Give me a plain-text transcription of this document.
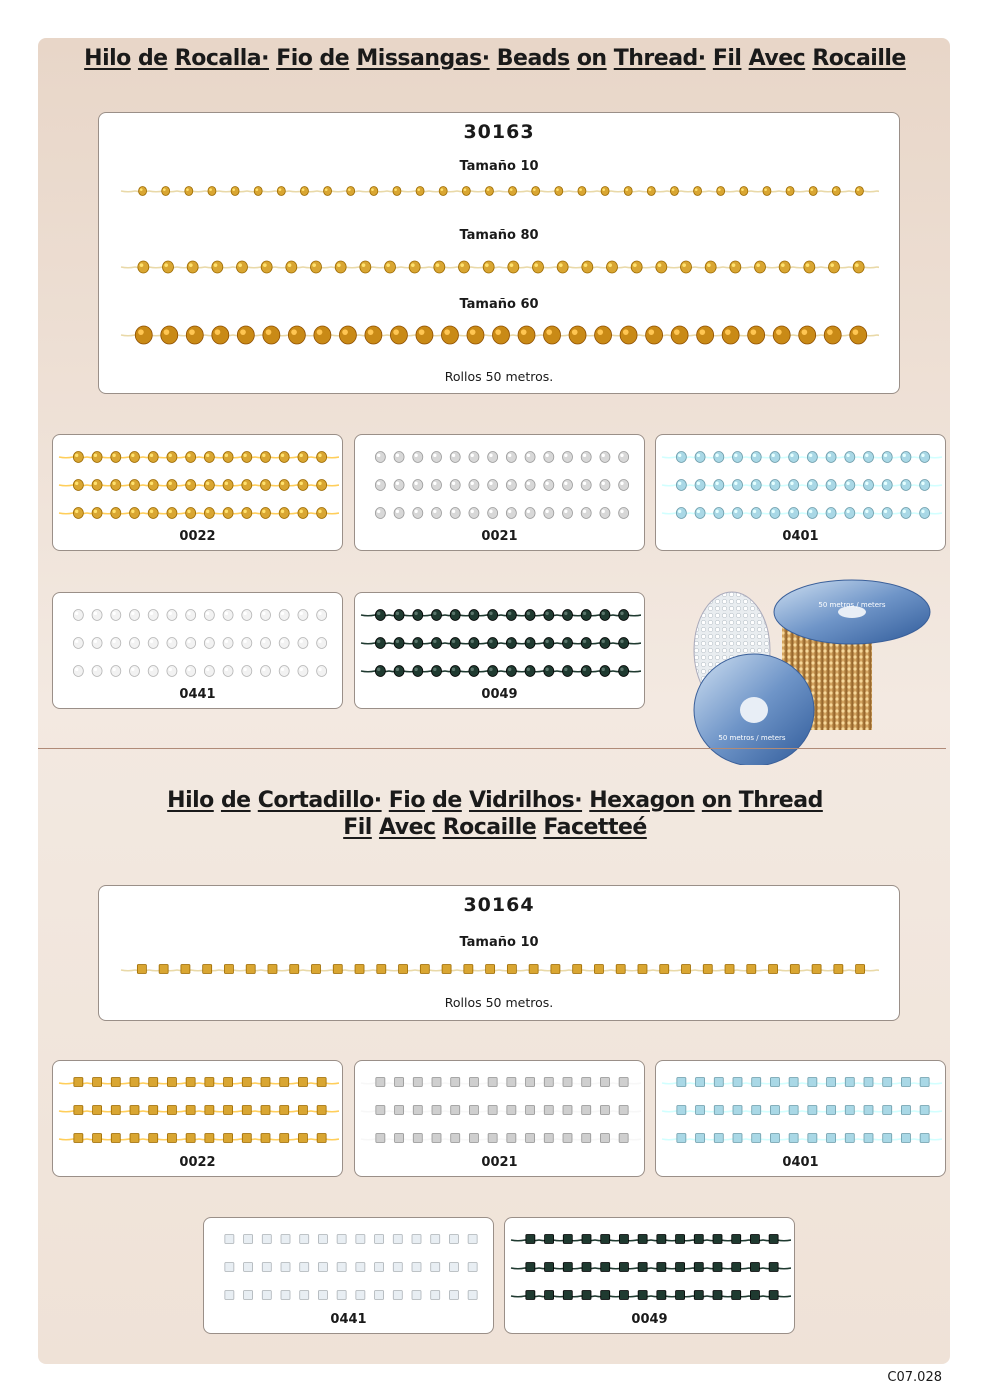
Hilo de Rocalla· Fio de Missangas· Beads on Thread· Fil Avec Rocaille
30163
Tamaño 10
Tamaño 80
Tamaño 60
Rollos 50 metros.
0022	0021	0401
0441	0049
50 metros / meters
50 metros / meters
Hilo de Cortadillo· Fio de Vidrilhos· Hexagon on Thread
Fil Avec Rocaille Facetteé
30164
Tamaño 10
Rollos 50 metros.
0022	0021	0401
0441	0049
C07.028
